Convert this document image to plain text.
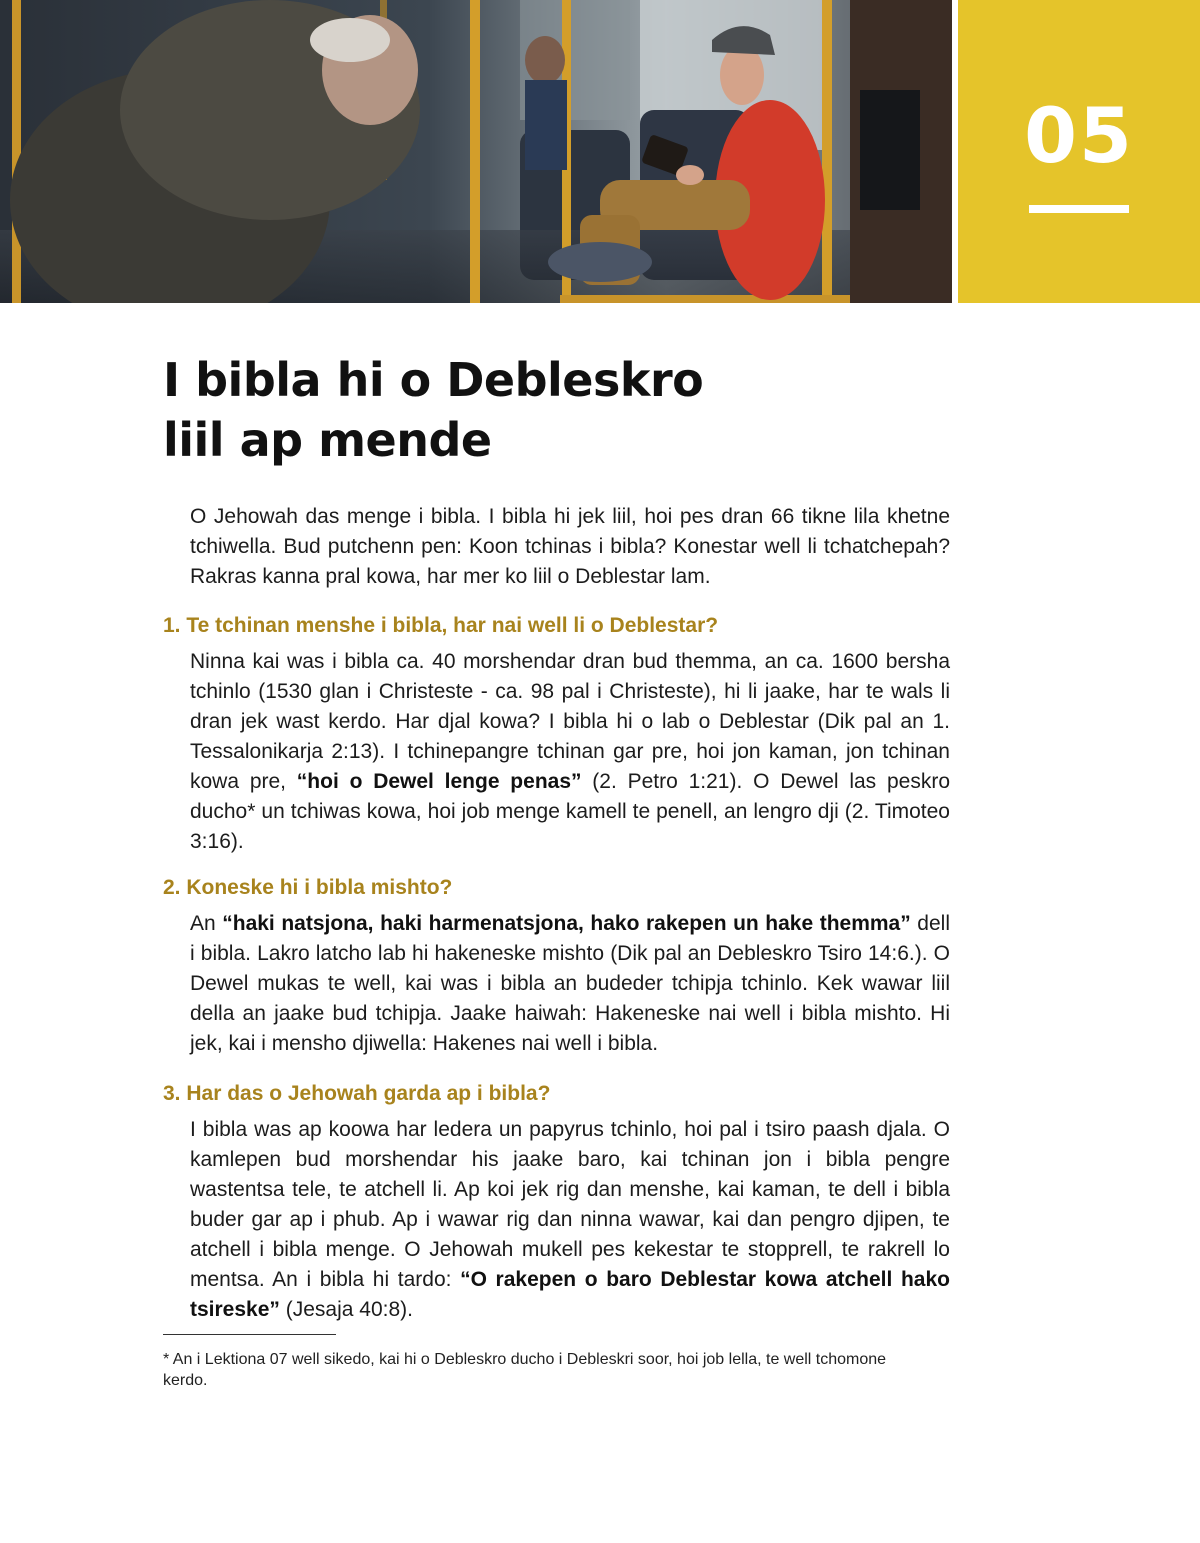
05
I bibla hi o Debleskro
liil ap mende

O Jehowah das menge i bibla. I bibla hi jek liil, hoi pes dran 66 tikne lila khetne tchiwella. Bud putchenn pen: Koon tchinas i bibla? Konestar well li tchatchepah? Rakras kanna pral kowa, har mer ko liil o Deblestar lam.

1. Te tchinan menshe i bibla, har nai well li o Deblestar?

Ninna kai was i bibla ca. 40 morshendar dran bud themma, an ca. 1600 bersha tchinlo (1530 glan i Christeste - ca. 98 pal i Christeste), hi li jaake, har te wals li dran jek wast kerdo. Har djal kowa? I bibla hi o lab o Deblestar (Dik pal an 1. Tessalonikarja 2:13). I tchinepangre tchinan gar pre, hoi jon kaman, jon tchinan kowa pre, “hoi o Dewel lenge penas” (2. Petro 1:21). O Dewel las peskro ducho* un tchiwas kowa, hoi job menge kamell te penell, an lengro dji (2. Timoteo 3:16).

2. Koneske hi i bibla mishto?

An “haki natsjona, haki harmenatsjona, hako rakepen un hake themma” dell i bibla. Lakro latcho lab hi hakeneske mishto (Dik pal an Debleskro Tsiro 14:6.). O Dewel mukas te well, kai was i bibla an budeder tchipja tchinlo. Kek wawar liil della an jaake bud tchipja. Jaake haiwah: Hakeneske nai well i bibla mishto. Hi jek, kai i mensho djiwella: Hakenes nai well i bibla.

3. Har das o Jehowah garda ap i bibla?

I bibla was ap koowa har ledera un papyrus tchinlo, hoi pal i tsiro paash djala. O kamlepen bud morshendar his jaake baro, kai tchinan jon i bibla pengre wastentsa tele, te atchell li. Ap koi jek rig dan menshe, kai kaman, te dell i bibla buder gar ap i phub. Ap i wawar rig dan ninna wawar, kai dan pengro djipen, te atchell i bibla menge. O Jehowah mukell pes kekestar te stopprell, te rakrell lo mentsa. An i bibla hi tardo: “O rakepen o baro Deblestar kowa atchell hako tsireske” (Jesaja 40:8).

* An i Lektiona 07 well sikedo, kai hi o Debleskro ducho i Debleskri soor, hoi job lella, te well tchomone kerdo.
